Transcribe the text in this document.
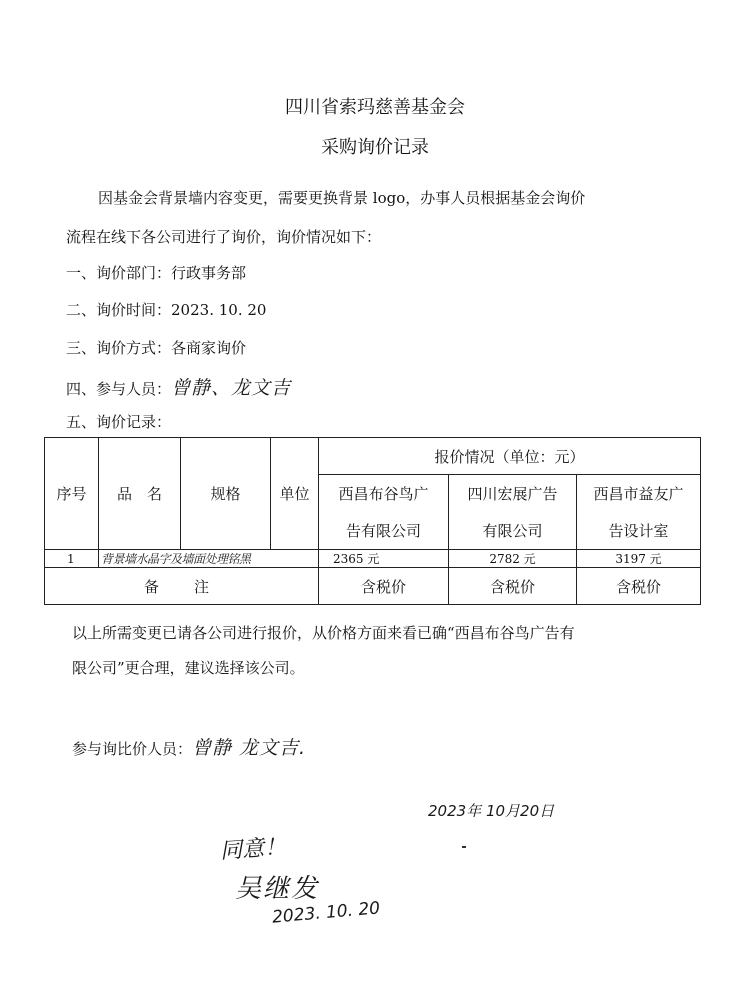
四川省索玛慈善基金会
采购询价记录
因基金会背景墙内容变更，需要更换背景 logo，办事人员根据基金会询价
流程在线下各公司进行了询价，询价情况如下：
一、询价部门：行政事务部
二、询价时间：2023. 10. 20
三、询价方式：各商家询价
四、参与人员：曾静、龙文吉
五、询价记录：
序号	品　名	规格	单位	报价情况（单位：元）		
				西昌布谷鸟广	四川宏展广告	西昌市益友广
				告有限公司	有限公司	告设计室
1	背景墙水晶字及墙面处理铭黑			2365 元	2782 元	3197 元
备　注				含税价	含税价	含税价
以上所需变更已请各公司进行报价，从价格方面来看已确“西昌布谷鸟广告有
限公司”更合理，建议选择该公司。
参与询比价人员：曾静 龙文吉.
2023年 10月20日
同意！
吴继发
2023. 10. 20
